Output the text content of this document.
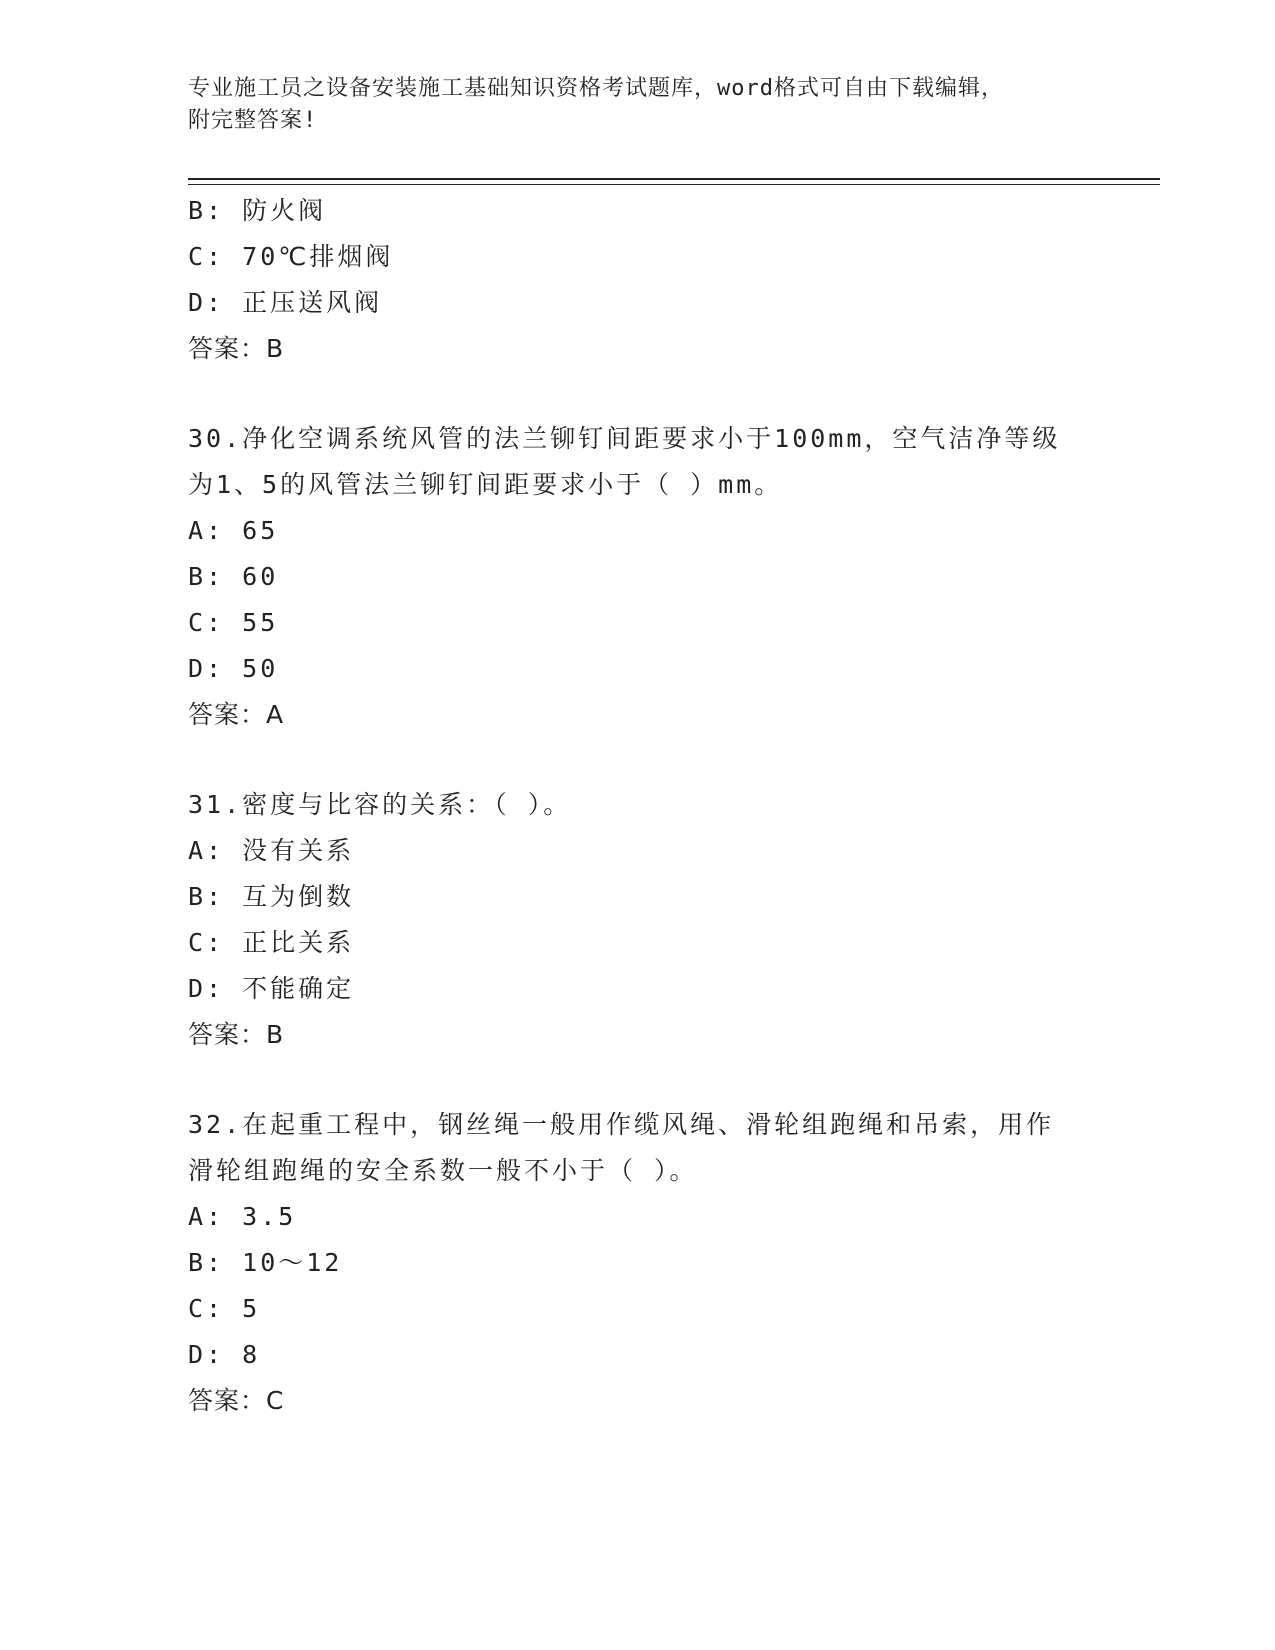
专业施工员之设备安装施工基础知识资格考试题库，word格式可自由下载编辑，
附完整答案!
B: 防火阀
C: 70℃排烟阀
D: 正压送风阀
答案：B
30.净化空调系统风管的法兰铆钉间距要求小于100mm，空气洁净等级
为1、5的风管法兰铆钉间距要求小于（ ）mm。
A: 65
B: 60
C: 55
D: 50
答案：A
31.密度与比容的关系：（ ）。
A: 没有关系
B: 互为倒数
C: 正比关系
D: 不能确定
答案：B
32.在起重工程中，钢丝绳一般用作缆风绳、滑轮组跑绳和吊索，用作
滑轮组跑绳的安全系数一般不小于（ ）。
A: 3.5
B: 10～12
C: 5
D: 8
答案：C
